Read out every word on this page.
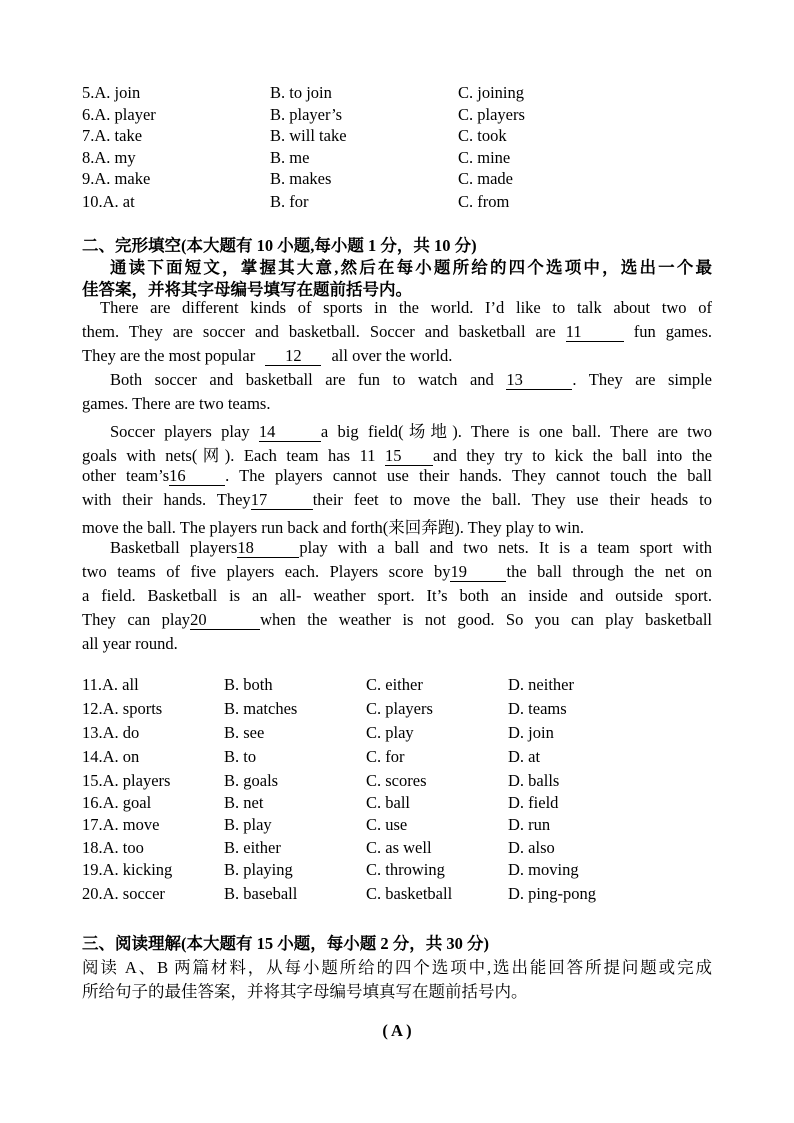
5.A. join	B. to join	C. joining
6.A. player	B. player’s	C. players
7.A. take	B. will take	C. took
8.A. my	B. me	C. mine
9.A. make	B. makes	C. made
10.A. at	B. for	C. from
二、完形填空(本大题有 10 小题,每小题 1 分，共 10 分)
通读下面短文，掌握其大意,然后在每小题所给的四个选项中，选出一个最
佳答案，并将其字母编号填写在题前括号内。
There are different kinds of sports in the world. I’d like to talk about two of
them. They are soccer and basketball. Soccer and basketball are 11	fun games.
They are the most popular 12 all over the world.
Both soccer and basketball are fun to watch and 13	. They are simple
games. There are two teams.
Soccer players play 14	a big field(场地). There is one ball. There are two
goals with nets(网). Each team has 11 15 and they try to kick the ball into the
other team’s16 . The players cannot use their hands. They cannot touch the ball
with their hands. They17	their feet to move the ball. They use their heads to
move the ball. The players run back and forth(来回奔跑). They play to win.
Basketball players18	play with a ball and two nets. It is a team sport with
two teams of five players each. Players score by19 the ball through the net on
a field. Basketball is an all- weather sport. It’s both an inside and outside sport.
They can play20	when the weather is not good. So you can play basketball
all year round.
11.A. all	B. both	C. either	D. neither
12.A. sports	B. matches	C. players	D. teams
13.A. do	B. see	C. play	D. join
14.A. on	B. to	C. for	D. at
15.A. players	B. goals	C. scores	D. balls
16.A. goal	B. net	C. ball	D. field
17.A. move	B. play	C. use	D. run
18.A. too	B. either	C. as well	D. also
19.A. kicking	B. playing	C. throwing	D. moving
20.A. soccer	B. baseball	C. basketball	D. ping-pong
三、阅读理解(本大题有 15 小题，每小题 2 分，共 30 分)
阅读 A、B 两篇材料，从每小题所给的四个选项中,选出能回答所提问题或完成
所给句子的最佳答案，并将其字母编号填真写在题前括号内。
( A )
